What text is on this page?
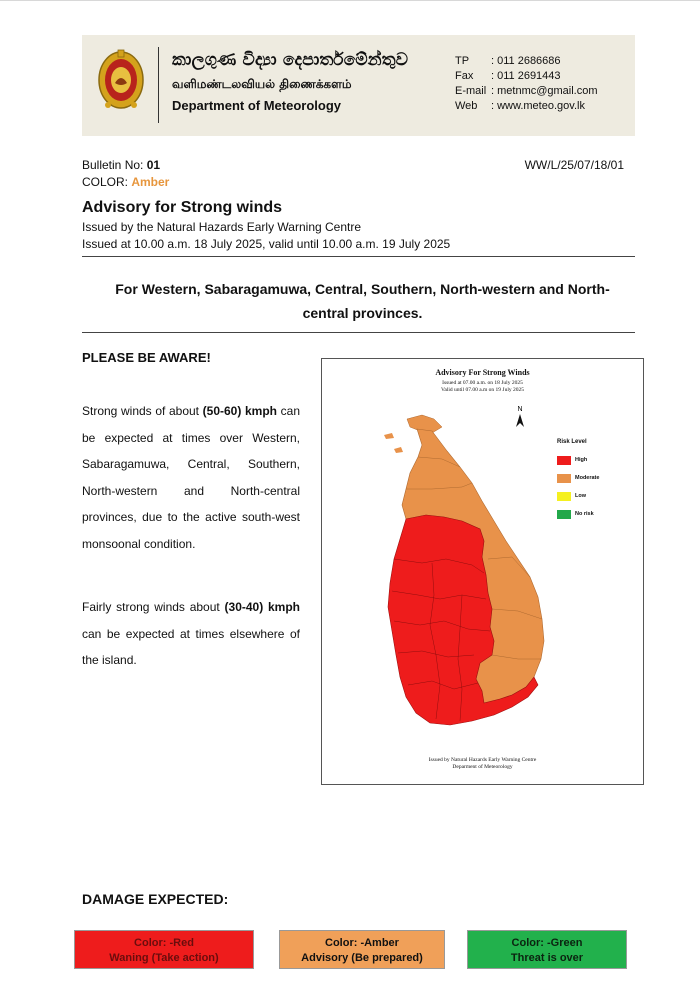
කාලගුණ විද්‍යා දෙපාර්තමේන්තුව
வளிமண்டலவியல் திணைக்களம்
Department of Meteorology
TP : 011 2686686
Fax : 011 2691443
E-mail : metnmc@gmail.com
Web : www.meteo.gov.lk
Bulletin No: 01	WW/L/25/07/18/01
COLOR: Amber
Advisory for Strong winds
Issued by the Natural Hazards Early Warning Centre
Issued at 10.00 a.m. 18 July 2025, valid until 10.00 a.m. 19 July 2025
For Western, Sabaragamuwa, Central, Southern, North-western and North-
central provinces.
PLEASE BE AWARE!
Strong winds of about (50-60) kmph can be expected at times over Western, Sabaragamuwa, Central, Southern, North-western and North-central provinces, due to the active south-west monsoonal condition.
Fairly strong winds about (30-40) kmph can be expected at times elsewhere of the island.
Advisory For Strong Winds
Issued at 07.00 a.m. on 18 July 2025
Valid until 07.00 a.m on 19 July 2025
N
Risk Level
High
Moderate
Low
No risk
Issued by Natural Hazards Early Warning Centre
Deparment of Meteorology
DAMAGE EXPECTED:
Color: -Red
Waning (Take action)
Color: -Amber
Advisory (Be prepared)
Color: -Green
Threat is over
